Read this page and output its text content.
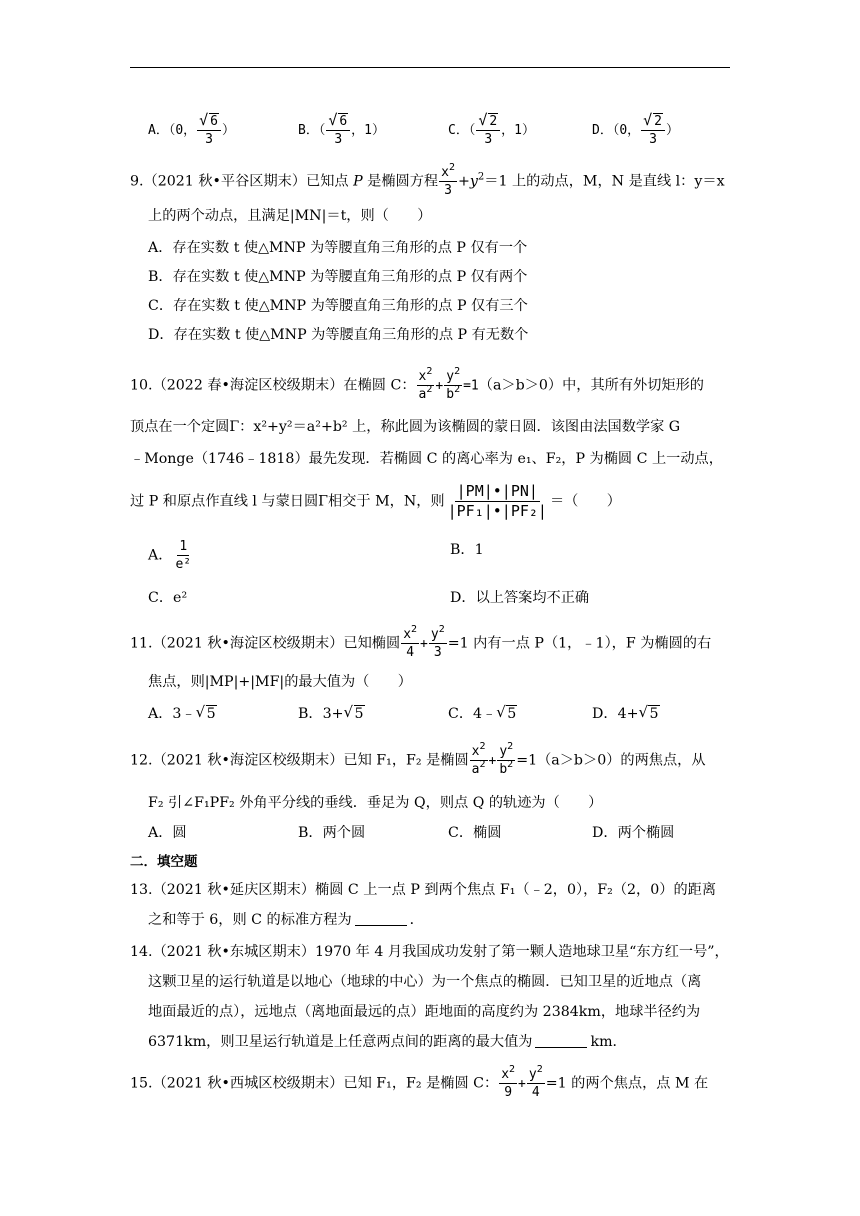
A．（0， √ $\frac{6}{3}$ ）	B．（ √ $\frac{6}{3}$ ，1）	C．（ √ $\frac{2}{3}$ ，1）	D．（0， √ $\frac{2}{3}$ ）
9.（2021 秋•平谷区期末）已知点 P 是椭圆方程 $\frac{x^2}{3} +y^2=1$ 上的动点，M，N 是直线 l：y＝x
上的两个动点，且满足|MN|＝t，则（　　）
A．存在实数 t 使△MNP 为等腰直角三角形的点 P 仅有一个
B．存在实数 t 使△MNP 为等腰直角三角形的点 P 仅有两个
C．存在实数 t 使△MNP 为等腰直角三角形的点 P 仅有三个
D．存在实数 t 使△MNP 为等腰直角三角形的点 P 有无数个
10.（2022 春•海淀区校级期末）在椭圆 C： $\frac{x^2}{a^2} + \frac{y^2}{b^2} =1(a>b>0)$中，其所有外切矩形的
顶点在一个定圆Γ：x²+y²＝a²+b² 上，称此圆为该椭圆的蒙日圆．该图由法国数学家 G
﹣Monge（1746﹣1818）最先发现．若椭圆 C 的离心率为 e₁、F₂，P 为椭圆 C 上一动点，
过 P 和原点作直线 l 与蒙日圆Γ相交于 M，N，则 $\frac{|PM|•|PN|}{\text{|PF₁|•|PF₂|}}$ ＝（　　）
A． $\frac{1}{\text{e²}}$	B．1
C．e²	D．以上答案均不正确
11.（2021 秋•海淀区校级期末）已知椭圆 $\frac{x^2}{4} + \frac{y^2}{3} =1$ 内有一点 P（1，﹣1），F 为椭圆的右
焦点，则|MP|+|MF|的最大值为（　　）
A．3﹣ √ 5	B．3+ √ 5	C．4﹣ √ 5	D．4+ √ 5
12.（2021 秋•海淀区校级期末）已知 F₁，F₂ 是椭圆 $\frac{x^2}{a^2} + \frac{y^2}{b^2} =1(a>b>0)$的两焦点，从
F₂ 引∠F₁PF₂ 外角平分线的垂线．垂足为 Q，则点 Q 的轨迹为（　　）
A．圆	B．两个圆	C．椭圆	D．两个椭圆
二．填空题
13.（2021 秋•延庆区期末）椭圆 C 上一点 P 到两个焦点 F₁（﹣2，0），F₂（2，0）的距离
之和等于 6，则 C 的标准方程为	．
14.（2021 秋•东城区期末）1970 年 4 月我国成功发射了第一颗人造地球卫星“东方红一号”，
这颗卫星的运行轨道是以地心（地球的中心）为一个焦点的椭圆．已知卫星的近地点（离
地面最近的点），远地点（离地面最远的点）距地面的高度约为 2384km，地球半径约为
6371km，则卫星运行轨道是上任意两点间的距离的最大值为	km．
15.（2021 秋•西城区校级期末）已知 F₁，F₂ 是椭圆 C： $\frac{x^2}{9} + \frac{y^2}{4} =1$ 的两个焦点，点 M 在
